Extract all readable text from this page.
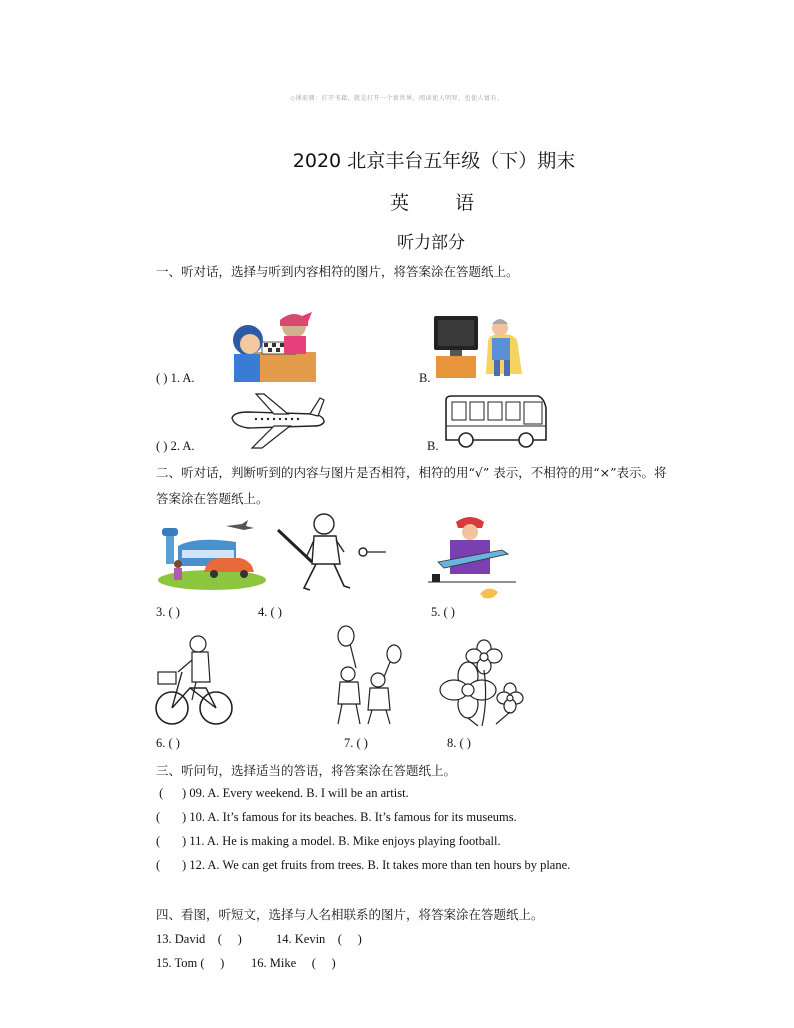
◇课前测：打开书籍，就是打开一个新世界。阅读使人明智，也使人富有。
2020 北京丰台五年级（下）期末
英 语
听力部分
一、听对话，选择与听到内容相符的图片，将答案涂在答题纸上。
( ) 1. A.	B.
( ) 2. A.	B.
二、听对话，判断听到的内容与图片是否相符，相符的用“√” 表示，不相符的用“×”表示。将
答案涂在答题纸上。
3. ( )	4. ( )	5. ( )
6. ( )	7. ( )	8. ( )
三、听问句，选择适当的答语，将答案涂在答题纸上。
(      ) 09. A. Every weekend. B. I will be an artist.
(       ) 10. A. It’s famous for its beaches. B. It’s famous for its museums.
(       ) 11. A. He is making a model. B. Mike enjoys playing football.
(       ) 12. A. We can get fruits from trees. B. It takes more than ten hours by plane.
四、看图，听短文，选择与人名相联系的图片，将答案涂在答题纸上。
13. David    (     )	14. Kevin    (     )
15. Tom (     ) 16. Mike     (     )
